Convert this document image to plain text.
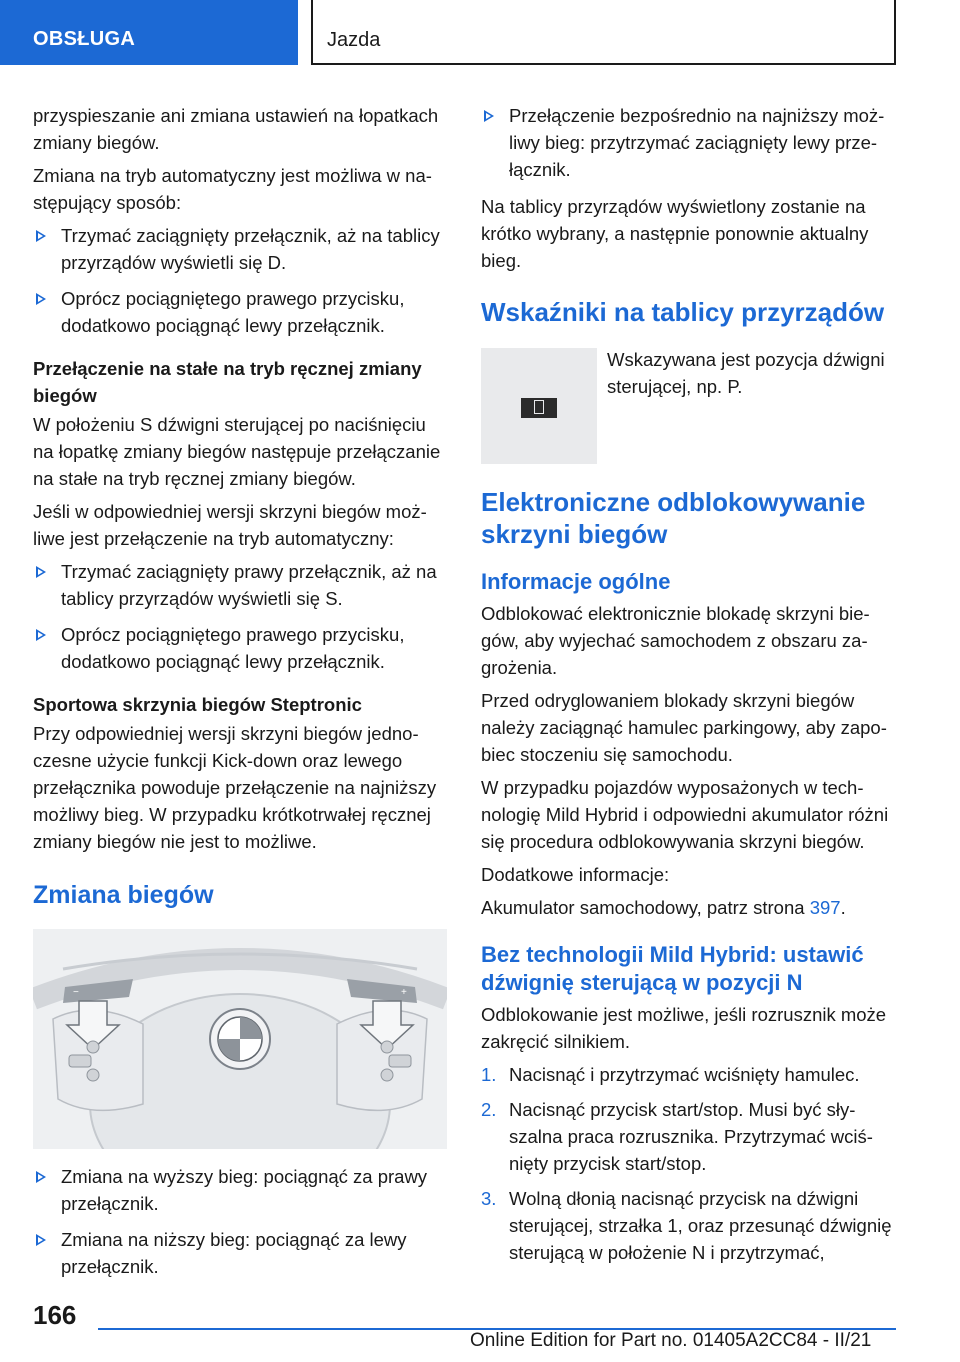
OBSŁUGA	Jazda

przyspieszanie ani zmiana ustawień na łopatkach zmiany biegów.

Zmiana na tryb automatyczny jest możliwa w następujący sposób:

Trzymać zaciągnięty przełącznik, aż na tablicy przyrządów wyświetli się D.
Oprócz pociągniętego prawego przycisku, dodatkowo pociągnąć lewy przełącznik.

Przełączenie na stałe na tryb ręcznej zmiany biegów

W położeniu S dźwigni sterującej po naciśnięciu na łopatkę zmiany biegów następuje przełączanie na stałe na tryb ręcznej zmiany biegów.

Jeśli w odpowiedniej wersji skrzyni biegów możliwe jest przełączenie na tryb automatyczny:

Trzymać zaciągnięty prawy przełącznik, aż na tablicy przyrządów wyświetli się S.
Oprócz pociągniętego prawego przycisku, dodatkowo pociągnąć lewy przełącznik.

Sportowa skrzynia biegów Steptronic

Przy odpowiedniej wersji skrzyni biegów jednoczesne użycie funkcji Kick-down oraz lewego przełącznika powoduje przełączenie na najniższy możliwy bieg. W przypadku krótkotrwałej ręcznej zmiany biegów nie jest to możliwe.

Zmiana biegów
−	+
Zmiana na wyższy bieg: pociągnąć za prawy przełącznik.
Zmiana na niższy bieg: pociągnąć za lewy przełącznik.
Przełączenie bezpośrednio na najniższy możliwy bieg: przytrzymać zaciągnięty lewy przełącznik.

Na tablicy przyrządów wyświetlony zostanie na krótko wybrany, a następnie ponownie aktualny bieg.

Wskaźniki na tablicy przyrządów
Wskazywana jest pozycja dźwigni sterującej, np. P.
Elektroniczne odblokowywanie skrzyni biegów
Informacje ogólne

Odblokować elektronicznie blokadę skrzyni biegów, aby wyjechać samochodem z obszaru zagrożenia.

Przed odryglowaniem blokady skrzyni biegów należy zaciągnąć hamulec parkingowy, aby zapobiec stoczeniu się samochodu.

W przypadku pojazdów wyposażonych w technologię Mild Hybrid i odpowiedni akumulator różni się procedura odblokowywania skrzyni biegów.

Dodatkowe informacje:

Akumulator samochodowy, patrz strona 397.

Bez technologii Mild Hybrid: ustawić dźwignię sterującą w pozycji N

Odblokowanie jest możliwe, jeśli rozrusznik może zakręcić silnikiem.

1. Nacisnąć i przytrzymać wciśnięty hamulec.
2. Nacisnąć przycisk start/stop. Musi być słyszalna praca rozrusznika. Przytrzymać wciśnięty przycisk start/stop.
3. Wolną dłonią nacisnąć przycisk na dźwigni sterującej, strzałka 1, oraz przesunąć dźwignię sterującą w położenie N i przytrzymać,
166
Online Edition for Part no. 01405A2CC84 - II/21
